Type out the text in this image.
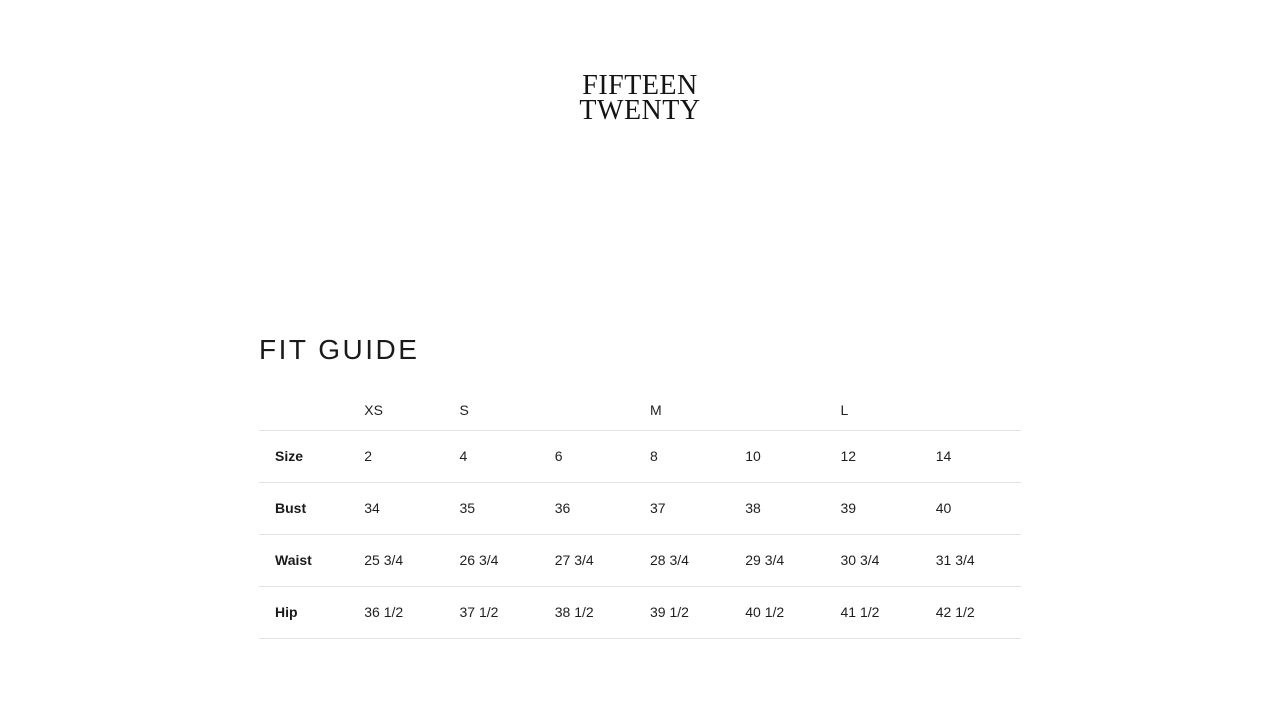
FIFTEEN
TWENTY
FIT GUIDE
	XS	S		M		L	
Size	2	4	6	8	10	12	14
Bust	34	35	36	37	38	39	40
Waist	25 3/4	26 3/4	27 3/4	28 3/4	29 3/4	30 3/4	31 3/4
Hip	36 1/2	37 1/2	38 1/2	39 1/2	40 1/2	41 1/2	42 1/2
